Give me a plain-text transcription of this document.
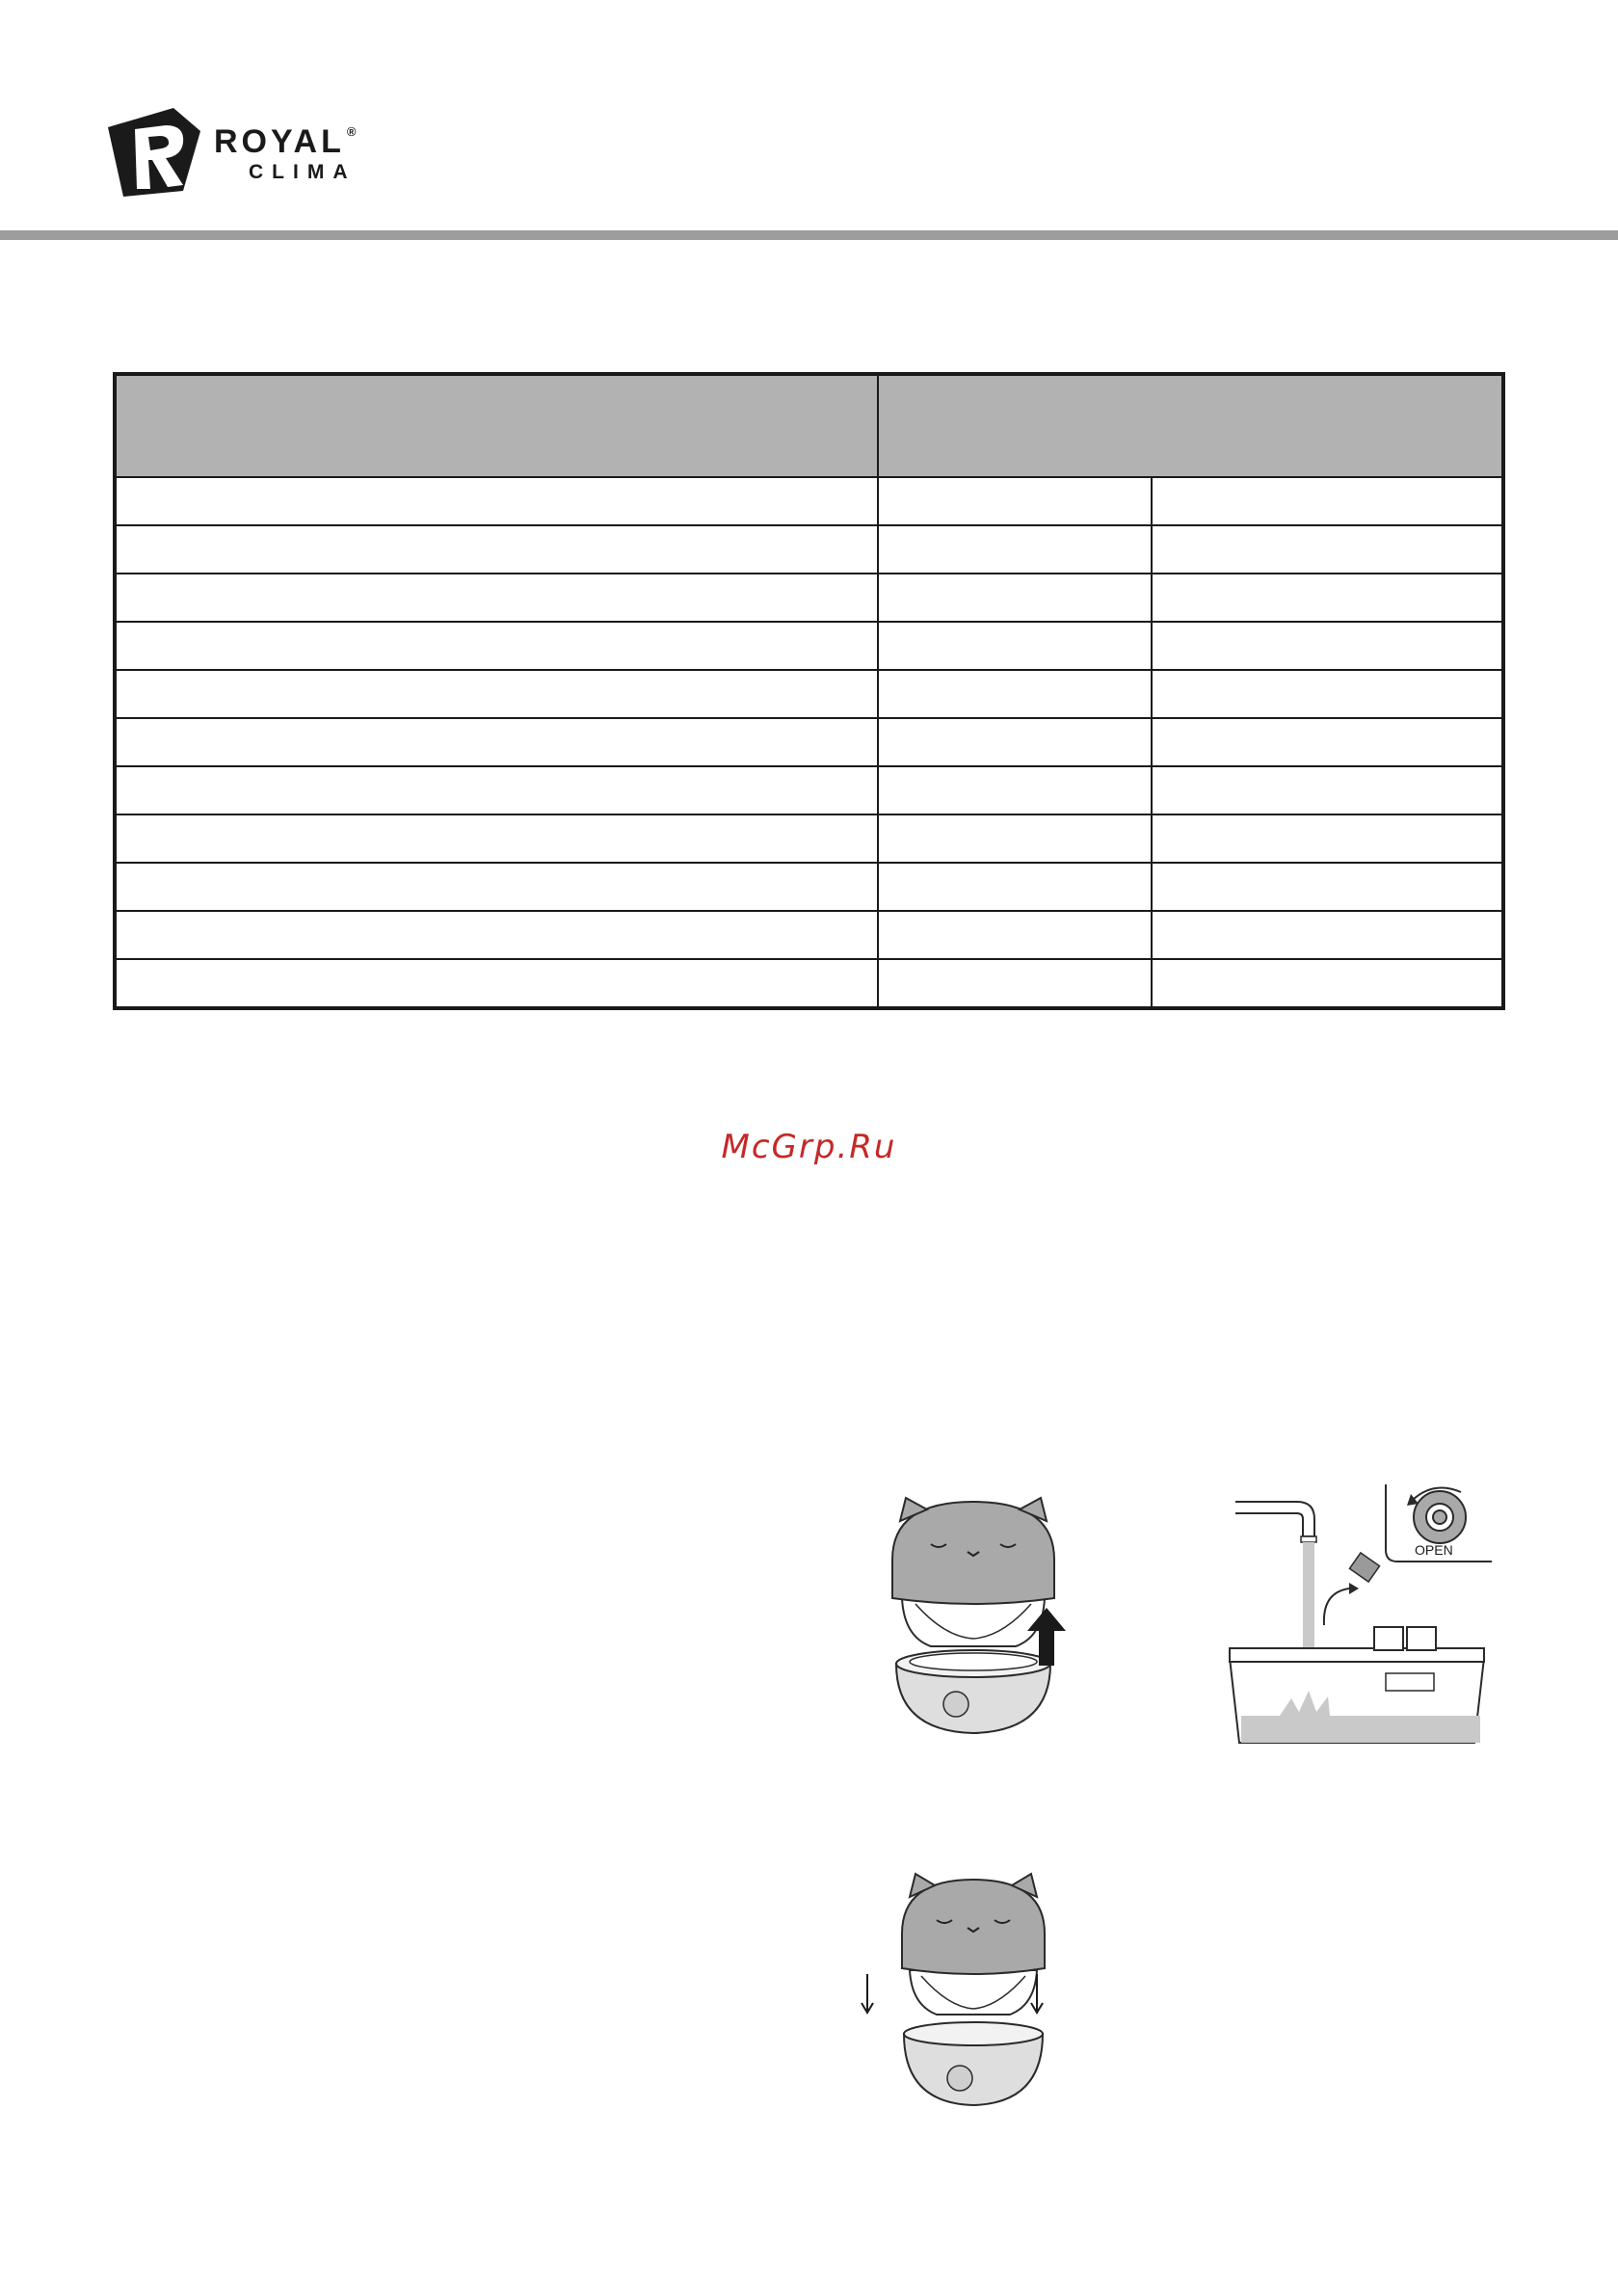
ROYAL ®
CLIMA

McGrp.Ru
OPEN
